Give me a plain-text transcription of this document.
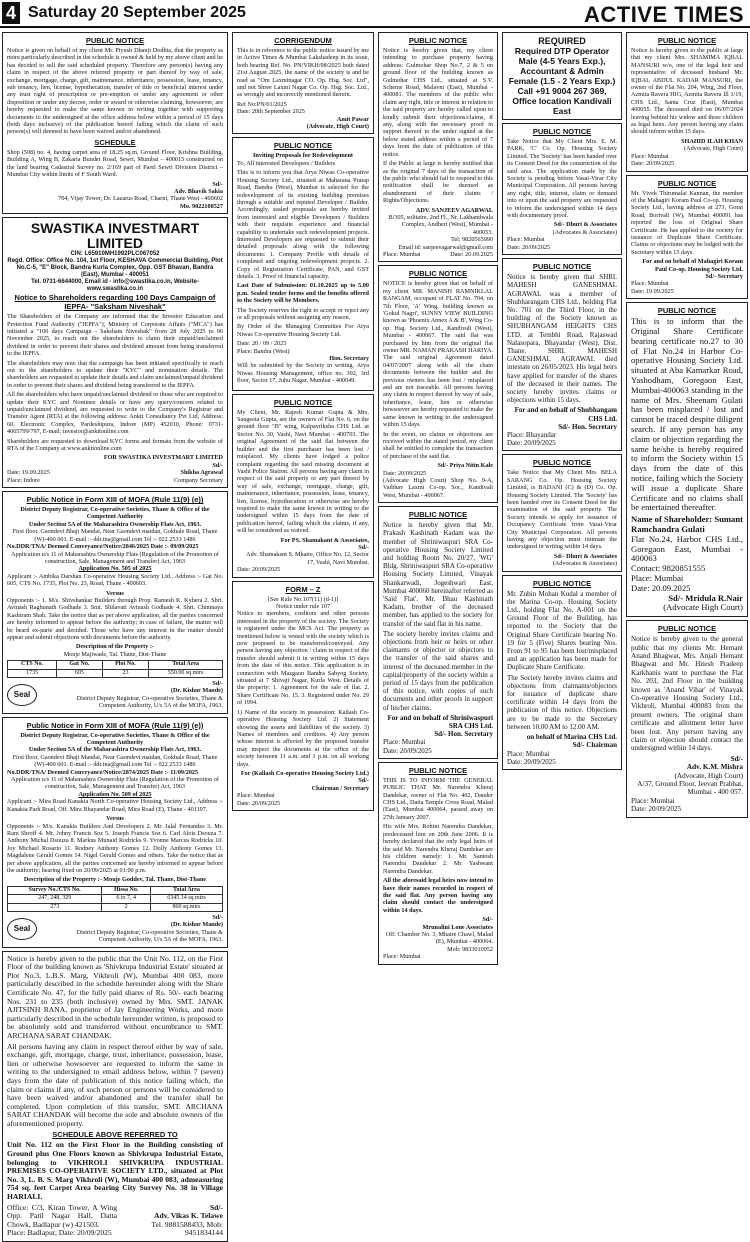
4 Saturday 20 September 2025	ACTIVE TIMES
PUBLIC NOTICE

Notice is given on behalf of my client Mr. Piyush Dhanji Dodhia, that the property as more particularly described in the schedule is owned & held by my above client and he has decided to sell the said scheduled property. Therefore any person(s) having any claim in respect of the above referred property or part thereof by way of sale, exchange, mortgage, charge, gift, maintenance, inheritance, possession, lease, tenancy, sub tenancy, lien, license, hypothecation, transfer of title or beneficial interest under any trust right of prescription or pre-emption or under any agreement or other disposition or under any decree, order or award or otherwise claiming, howsoever, are hereby requested to make the same known in writing together with supporting documents to the undersigned at the office address below within a period of 15 days (both days inclusive) of the publication hereof failing which the claim of such person(s) will deemed to have been waived and/or abandoned.

SCHEDULE

Shop (508) no. 4, having carpet area of 18.25 sq.m, Ground Floor, Krishna Building, Building A, Wing B, Zakaria Bunder Road, Sewri, Mumbai – 400015 constructed on the land bearing Cadastral Survey no. 2/169 part of Parel Sewri Division District – Mumbai City within limits of F South Ward.

Sd/-
Adv. Bhavik Sakia
704, Vijay Tower, Dr. Lazarus Road, Charni, Thane West - 400602
Mo. 9022108527
SWASTIKA INVESTMART LIMITED
CIN: L65910MH1992PLC067052
Regd. Office: Office No. 104, 1st Floor, KESHAVA Commercial Building, Plot No.C-5, "E" Block, Bandra Kurla Complex, Opp. GST Bhavan, Bandra (East), Mumbai - 400051
Tel. 0731-6644000, Email id - info@swastika.co.in, Website-www.swastika.co.in
Notice to Shareholders regarding 100 Days Campaign of IEPFA- "Saksham Niveshak"

The Shareholders of the Company are informed that the Investor Education and Protection Fund Authority ("IEPFA"), Ministry of Corporate Affairs ("MCA") has initiated a "100 days Campaign - Saksham Niveshak" from 28 July 2025 to 06 November 2025, to reach out the shareholders to claim their unpaid/unclaimed dividend in order to prevent their shares and dividend amount from being transferred to the IEPFA.

The shareholders may note that the campaign has been initiated specifically to reach out to the shareholders to update their "KYC" and nomination details. The shareholders are requested to update their details and claim unclaimed/unpaid dividend in order to prevent their shares and dividend being transferred to the IEPFA.

All the shareholders who have unpaid/unclaimed dividend or those who are required to update their KYC and Nominee details or have any query/concern related to unpaid/unclaimed dividend, are requested to write to the Company's Registrar and Transfer Agent (RTA) at the following address: Ankit Consultancy Pvt Ltd, Address: 60, Electronic Complex, Pardeshipura, Indore (MP) 452010, Phone: 0731-4065799/797, E-mail: investor@ankitonline.com

Shareholders are requested to download KYC forms and formats from the website of RTA of the Company at www.ankitonline.com

FOR SWASTIKA INVESTMART LIMITED
Sd/-
Date: 19.09.2025
Place: Indore
Shikha Agrawal
Company Secretary
Public Notice in Form XIII of MOFA (Rule 11(9) (e))
District Deputy Registrar, Co-operative Societies, Thane & Office of the Competent Authority
Under Section 5A of the Maharashtra Ownership Flats Act, 1963.
First floor, Gaondevi Bhaji Mandai, Near Gaondevi maidan, Gokhale Road, Thane (W)-400 601. E-mail :- ddr.tna@gmail.com Tel :- 022 2533 1486
No.DDR/TNA/ Deemed Conveyance/Notice/2846/2025 Date :- 09/09/2025
Application u/s 11 of Maharashtra Ownership Flats (Regulation of the Promotion of construction, Sale, Management and Transfer) Act, 1963
Application No. 505 of 2025

Applicant :- Ambika Darshan Co-operative Housing Society Ltd., Address :- Gat No. 605, CTS No. 1735, Plot No. 23, Road, Thane - 400603.

Versus

Opponents :- 1. M/s. Shivshankar Builders through Prop. Ramesh K. Kyhera 2. Shri. Avinash Raghunath Godhade 3. Smt. Shilavati Avinash Godhade 4. Shri. Chinmaya Kashiram Shah. Take the notice that as per above application, all the parties concerned are hereby informed to appear before the authority; in case of failure, the matter will be heard ex-parte and decided. Those who have any interest in the matter should appear and submit objections with documents before the authority.

Description of the Property :-
Mouje Majiwade, Tal. Thane, Dist-Thane
CTS No.	Gat No.	Plot No.	Total Area
1735	605	23	550.00 sq mtrs
Seal
Sd/-
(Dr. Kishor Mande)
District Deputy Registrar, Co-operative Societies, Thane & Competent Authority, U/s 5A of the MOFA, 1963.
Public Notice in Form XIII of MOFA (Rule 11(9) (e))
District Deputy Registrar, Co-operative Societies, Thane & Office of the Competent Authority
Under Section 5A of the Maharashtra Ownership Flats Act, 1963.
First floor, Gaondevi Bhaji Mandai, Near Gaondevi maidan, Gokhale Road, Thane (W)-400 601. E-mail :- ddr.tna@gmail.com Tel :- 022 2533 1486
No.DDR/TNA/ Deemed Conveyance/Notice/2874/2025 Date :- 11/09/2025
Application u/s 11 of Maharashtra Ownership Flats (Regulation of the Promotion of construction, Sale, Management and Transfer) Act, 1963
Application No. 509 of 2025

Applicant :- Mira Road Kanakia North Co-operative Housing Society Ltd., Address :- Kanakia Park Road, Off. Mira Bhayandar Road, Mira Road (E), Thane - 401107.

Versus

Opponents :- M/s. Kanakia Builders And Developers 2. Mr. Jalal Fernandes 3. Mr. Ram Shroff 4. Mr. Johny Francis Soz 5. Joseph Francis Soz 6. Carl Alois Dsouza 7. Anthony Michal Dsouza 8. Markus Munaid Rodricks 9. Yvonne Marcus Rodricks 10. Joy Michael Rosario 11. Rodney Anthony Gomes 12. Dolly Anthony Gomes 13. Magdalene Gerald Gomes 14. Nigel Gerald Gomes and others. Take the notice that as per above application, all the parties concerned are hereby informed to appear before the authority; hearing fixed on 20/09/2025 at 01:00 p.m.

Description of the Property :- Mouje Goddev, Tal. Thane, Dist-Thane
Survey No./CTS No.	Hissa No.	Total Area
247, 248, 329	6 to 7, 4	6345.14 sq.mtrs
273	2	860 sq.mtrs
Seal
Sd/-
(Dr. Kishor Mande)
District Deputy Registrar, Co-operative Societies, Thane & Competent Authority, U/s 5A of the MOFA, 1963.

Notice is hereby given to the public that the Unit No. 112, on the First Floor of the building known as 'Shivkrupa Industrial Estate' situated at Plot No.3, L.B.S. Marg, Vikhroli (W), Mumbai 400 083, more particularly described in the schedule hereunder along with the Share Certificate No. 47, for the fully paid shares of Rs. 50/- each bearing Nos. 231 to 235 (both inclusive) owned by Mrs. SMT. JANAK AJITSINH RANA, proprietor of Jay Engineering Works, and more particularly described in the schedule hereunder written, is proposed to be absolutely sold and transferred without encumbrance to SMT. ARCHANA SARAT CHANDAK.

All persons having any claim in respect thereof either by way of sale, exchange, gift, mortgage, charge, trust, inheritance, possession, lease, lien or otherwise howsoever are requested to inform the same in writing to the undersigned to email address below, within 7 (seven) days from the date of publication of this notice failing which, the claim or claims if any, of such person or persons will be considered to have been waived and/or abandoned and the transfer shall be completed. Upon completion of this transfer, SMT. ARCHANA SARAT CHANDAK will become the sole and absolute owners of the aforementioned property.

SCHEDULE ABOVE REFERRED TO

Unit No. 112 on the First Floor in the Building consisting of Ground plus One Floors known as Shivkrupa Industrial Estate, belonging to VIKHROLI SHIVKRUPA INDUSTRIAL PREMISES CO-OPERATIVE SOCIETY LTD., situated at Plot No. 3, L. B. S. Marg Vikhroli (W), Mumbai 400 083, admeasuring 754 sq. feet Carpet Area bearing City Survey No. 38 in Village HARIALI.

Office: C/3, Kiran Tower, A Wing Opp. Patil Nagar Hall, Datta Chowk, Badlapur (w) 421503.
Place: Badlapur, Date: 20/09/2025
Sd/-
Adv. Vikas K. Telawe
Tel. 9881588433, Mob: 9451834144
CORRIGENDUM

This is in reference to the public notice issued by me in Active Times & Mumbai Lakshadeep in its issue, both bearing Ref. No. PN/VIKH/08/2025 both dated 21st August 2025, the name of the society is and be read as "Om Laxminagar CO. Op. Hsg. Soc. Ltd", and not Shree Laxmi Nagar Co. Op. Hsg. Soc. Ltd., as wrongly and incorrectly mentioned therein.

Ref No:PN/01/2025
Date: 20th September 2025
Amit Pawar
(Advocate, High Court)
PUBLIC NOTICE
Inviting Proposals for Redevelopment

To, All interested Developers / Builders

This is to inform you that Arya Niwas Co-operative Housing Society Ltd., situated at Maharana Pratap Road, Bandra (West), Mumbai is selected for the redevelopment of its existing building premises through a suitable and reputed Developer / Builder. Accordingly, sealed proposals are hereby invited from interested and eligible Developers / Builders with their requisite experience and financial capability to undertake such redevelopment projects. Interested Developers are requested to submit their detailed proposals along with the following documents: 1. Company Profile with details of completed and ongoing redevelopment projects. 2. Copy of Registration Certificate, PAN, and GST details. 3. Proof of financial capacity.

Last Date of Submission: 01.10.2025 up to 5.00 p.m. Sealed tender forms and the benefits offered to the Society will be Members.

The Society reserves the right to accept or reject any or all proposals without assigning any reason.

By Order of the Managing Committee For Arya Niwas Co-operative Housing Society Ltd.

Date: 20 / 09 / 2025
Place: Bandra (West)
Hon. Secretary

Will be submitted by the Society in writing. Arya Niwas Housing Management, office no. 302, 3rd floor, Sector 17, Juhu Nagar, Mumbai - 400049.

PUBLIC NOTICE

My Client, Mr. Rajesh Kumar Gupta & Mrs. Sangeeta Gupta, are the owners of Flat No. 6, on the ground floor "B" wing, Kalpavriksha CHS Ltd. at Sector No. 30, Vashi, Navi Mumbai - 400703. The original Agreement of the said flat between the builder and the first purchaser has been lost / misplaced. My clients have lodged a police complaint regarding the said missing document at Vashi Police Station. All persons having any claim in respect of the said property or any part thereof by way of sale, exchange, mortgage, charge, gift, maintenance, inheritance, possession, lease, tenancy, lien, license, hypothecation or otherwise are hereby required to make the same known in writing to the undersigned within 15 days from the date of publication hereof, failing which the claims, if any, will be considered as waived.

For PS. Shamakant & Associates,
Sd/-
Adv. Shamakant S. Mhatre, Office No. 12, Sector 17, Vashi, Navi Mumbai.
Date: 20/09/2025
FORM – Z
[See Rule No.107(11) (d-1)]
Notice under rule 107

Notice to members, creditors and other persons interested in the property of the society. The Society is registered under the MCS Act. The property as mentioned below is vested with the society which is now proposed to be transferred/conveyed. Any person having any objection / claim in respect of the transfer should submit it in writing within 15 days from the date of this notice. This application is in connection with Mazgaon Bandra Sahyog Society, situated at 7 Shivaji Nagar, Kurla West. Details of the property: 1. Agreement for the sale of flat. 2. Share Certificate No. 15. 3. Registered under No. 29 of 1994.

1) Name of the society in possession: Kailash Co-operative Housing Society Ltd. 2) Statement showing the assets and liabilities of the society. 3) Names of members and creditors. 4) Any person whose interest is affected by the proposed transfer may inspect the documents at the office of the society between 11 a.m. and 1 p.m. on all working days.

For (Kailash Co-operative Housing Society Ltd.)
Sd/-
Chairman / Secretary
Place: Mumbai
Date: 20/09/2025
PUBLIC NOTICE

Notice is hereby given that, my client intending to purchase property having address: Gulmohar Shop No.7, 2 & 5 on ground floor of the building known as Gulmohar CHS Ltd., situated at S.V. Scheme Road, Malavni (East), Mumbai - 400081. The members of the public who claim any right, title or interest in relation to the said property are hereby called upon to kindly submit their objections/claims, if any, along with the necessary proof in support thereof to the under signed at the below stated address within a period of 7 days from the date of publication of this notice.

If the Public at large is hereby notified that as the original 7 days of the transaction of the public who should fail to respond to this notification shall be deemed as abandonment of their claims / Rights/Objections.

ADV. SANJEEV AGARWAL
B/305, solitaire, 2nd Fl., Nr. Lakhandwala Complex, Andheri (West), Mumbai - 400053.
Tel: 9820565990
Email id: sanjeevagarwal@gmail.com
Place: Mumbai	Date: 20.09.2025
PUBLIC NOTICE

NOTICE is hereby given that on behalf of my client MR. MANISH RAMNIKLAL RANGAM, occupant of FLAT No. 704, on 7th Floor, 'A' Wing, building known as 'Gokul Nagri', SUNNY VIEW BUILDING known as 'Phoenix Annex A & B', Wing Co-op. Hsg. Society Ltd., Kandivali (West), Mumbai - 400067. The said flat was purchased by him from the original flat owner MR. NAMAN PRAKASH HARIYA. The said original Agreement dated 04/07/2007 along with all the chain documents between the builder and the previous owners has been lost / misplaced and are not traceable. All persons having any claim in respect thereof by way of sale, inheritance, lease, lien or otherwise howsoever are hereby requested to make the same known in writing to the undersigned within 15 days.

In the event, no claims or objections are received within the stated period, my client shall be entitled to complete the transaction of purchase of the said flat.

Sd/- Priya Nitin Kale
Date: 20/09/2025
(Advocate High Court) Shop No. 9-A, Vaibhav Laxmi Co-op. Soc., Kandivali West, Mumbai - 400067.
PUBLIC NOTICE

Notice is hereby given that Mr. Prakash Kashinath Kadam was the member of Shriniwaspuri SRA Co-operative Housing Society Limited and holding Room No. 20/27, 'WG' Bldg. Shriniwaspuri SRA Co-operative Housing Society Limited, Vinayak Shankarwadi, Jogeshwari East, Mumbai 400060 hereinafter referred as 'Said Flat'. Mr. Bhau Kashinath Kadam, brother of the deceased member, has applied to the society for transfer of the said flat in his name.

The society hereby invites claims and objections from heir or heirs or other claimants or objector or objectors to the transfer of the said shares and interest of the deceased member in the capital/property of the society within a period of 15 days from the publication of this notice, with copies of such documents and other proofs in support of his/her claims.

For and on behalf of Shriniwaspuri SRA CHS Ltd.
Sd/- Hon. Secretary
Place: Mumbai
Date: 20/09/2025
PUBLIC NOTICE

THIS IS TO INFORM THE GENERAL PUBLIC THAT Mr. Narendra Kheraj Dandekar, owner of Flat No. 402, Dander CHS Ltd., Datta Temple Cross Road, Malad (East), Mumbai 400064, passed away on 27th January 2007.

His wife Mrs. Rohini Narendra Dandekar, predeceased him on 20th June 2006. It is hereby declared that the only legal heirs of the said Mr. Narendra Kheraj Dandekar are his children namely: 1. Mr. Santosh Narendra Dandekar 2. Mr. Yashwant Narendra Dandekar.

All the aforesaid legal heirs now intend to have their names recorded in respect of the said flat. Any person having any claim should contact the undersigned within 14 days.

Sd/-
Mrunalini Lone Associates
Off: Chamber No. 3, Mhatre Chawl, Malad (E), Mumbai - 400064.
Mob: 9833010952
Place: Mumbai
REQUIRED
Required DTP Operator Male (4-5 Years Exp.), Accountant & Admin Female (1.5 - 2 Years Exp.) Call +91 9004 267 369, Office location Kandivali East
PUBLIC NOTICE

Take Notice that My Client Mrs. E. M. PARK, 'C' Co. Op. Housing Society Limited. The 'Society' has been handed over its Consent Deed for the construction of the said area. The application made by the Society is pending before Vasai-Virar City Municipal Corporation. All persons having any right, title, interest, claim or demand into or upon the said property are requested to inform the undersigned within 14 days with documentary proof.

Sd/- Dhuri & Associates
(Advocates & Associates)
Place: Mumbai
Date: 20/09/2025
PUBLIC NOTICE

Notice is hereby given that SHRI. MAHESH GANESHMAL AGRAWAL was a member of Shubharangam CHS Ltd., holding Flat No. 701 on the Third Floor, in the building of the Society known as SHUBHANGAM HEIGHTS CHS LTD. at Tembhi Road, Rajaswad Nalasopara, Bhayandar (West), Dist. Thane. SHRI. MAHESH GANESHMAL AGRAWAL died intestate on 26/05/2023. His legal heirs have applied for transfer of the shares of the deceased in their names. The society hereby invites claims or objections within 15 days.

For and on behalf of Shubhangam CHS Ltd.
Sd/- Hon. Secretary
Place: Bhayandar
Date: 20/09/2025
PUBLIC NOTICE

Take Notice that My Client Mrs. BELA SARANG Co. Op. Housing Society Limited, is BADANI (C) & (D) Co. Op. Housing Society Limited. The 'Society' has been handed over its Consent Deed for the examination of the said property. The Society intends to apply for issuance of Occupancy Certificate from Vasai-Virar City Municipal Corporation. All persons having any objection must intimate the undersigned in writing within 14 days.

Sd/- Dhuri & Associates
(Advocates & Associates)
PUBLIC NOTICE

Mr. Zubin Mohan Kudal a member of the Marina Co-op. Housing Society Ltd., holding Flat No. A-001 on the Ground Floor of the Building, has reported to the Society that the Original Share Certificate bearing No. 19 for 5 (Five) Shares bearing Nos. From 91 to 95 has been lost/misplaced and an application has been made for Duplicate Share Certificate.

The Society hereby invites claims and objections from claimants/objectors for issuance of duplicate share certificate within 14 days from the publication of this notice. Objections are to be made to the Secretary between 10.00 AM to 12.00 AM.

on behalf of Marina CHS Ltd.
Sd/- Chairman
Place: Mumbai
Date: 20/09/2025
PUBLIC NOTICE

Notice is hereby given to the public at large that my client Mrs. SHAMIMA IQBAL MANSURI w/o, one of the legal heir and representative of deceased husband Mr. IQBAL ABDUL KADAR MANSURI, the owner of the Flat No. 204, Wing, 2nd Floor, Azmita Ravera HIG, Azmita Ravera Ill 1/19, CHS Ltd., Santa Cruz (East), Mumbai 400055. The deceased died on 06/07/2024 leaving behind his widow and three children as legal heirs. Any person having any claim should inform within 15 days.

SHAHID ILAH KHAN
(Advocate, High Court)
Place: Mumbai
Date: 20/09/2025
PUBLIC NOTICE

Mr. Vivek Thirumalai Kannan, the member of the Mahagiri Koram Paul Co-op. Housing Society Ltd., having address at 273, Gorai Road, Borivali (W), Mumbai 400091 has reported the loss of Original Share Certificate. He has applied to the society for issuance of Duplicate Share Certificate. Claims or objections may be lodged with the Secretary within 15 days.

For and on behalf of Mahagiri Koram Paul Co-op. Housing Society Ltd.
Sd/- Secretary
Place: Mumbai
Date: 19.09.2025
PUBLIC NOTICE

This is to inform that the Original Share Certificate bearing certificate no.27 to 30 of Flat No.24 in Harbor Co-operative Housing Society Ltd. situated at Aba Kamarkar Road, Yashodham, Goregaon East, Mumbai-400063 standing in the name of Mrs. Sheenam Gulati has been misplaced / lost and cannot be traced despite diligent search. If any person has any claim or objection regarding the same he/she is hereby required to inform the Society within 15 days from the date of this notice, failing which the Society will issue a duplicate Share Certificate and no claims shall be entertained thereafter.

Name of Shareholder: Sumant Ramchandra Gulati
Flat No.24, Harbor CHS Ltd., Goregaon East, Mumbai - 400063
Contact: 9820851555
Place: Mumbai
Date: 20.09.2025
Sd/- Mridula R.Nair
(Advocate High Court)
PUBLIC NOTICE

Notice is hereby given to the general public that my clients Mr. Hemant Anand Bhagwat, Mrs. Anjali Hemant Bhagwat and Mr. Hitesh Pradeep Karkhanis want to purchase the Flat No. 203, 2nd Floor in the building known as 'Anand Vihar' of Vinayak Co-operative Housing Society Ltd., Vikhroli, Mumbai 400083 from the present owners. The original share certificate and allotment letter have been lost. Any person having any claim or objection should contact the undersigned within 14 days.

Sd/-
Adv. K.M. Mishra
(Advocate, High Court)
A/37, Ground Floor, Jeevan Prabhat, Mumbai - 400 057.
Place: Mumbai
Date: 20/09/2025
